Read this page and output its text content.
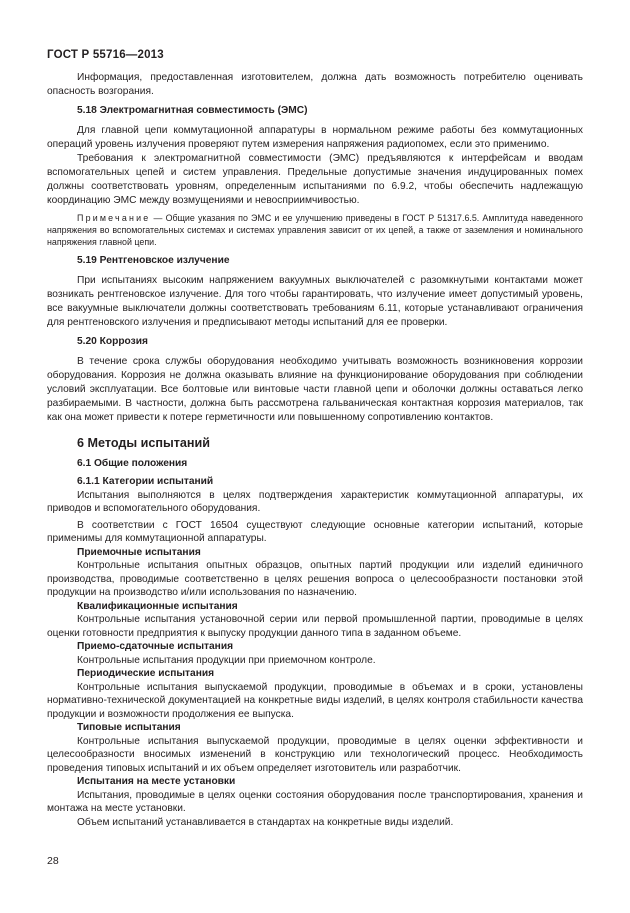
ГОСТ Р 55716—2013

Информация, предоставленная изготовителем, должна дать возможность потребителю оценивать опасность возгорания.

5.18 Электромагнитная совместимость (ЭМС)

Для главной цепи коммутационной аппаратуры в нормальном режиме работы без коммутационных операций уровень излучения проверяют путем измерения напряжения радиопомех, если это применимо.

Требования к электромагнитной совместимости (ЭМС) предъявляются к интерфейсам и вводам вспомогательных цепей и систем управления. Предельные допустимые значения индуцированных помех должны соответствовать уровням, определенным испытаниями по 6.9.2, чтобы обеспечить надлежащую координацию ЭМС между возмущениями и невосприимчивостью.

Примечание — Общие указания по ЭМС и ее улучшению приведены в ГОСТ Р 51317.6.5. Амплитуда наведенного напряжения во вспомогательных системах и системах управления зависит от их цепей, а также от заземления и номинального напряжения главной цепи.

5.19 Рентгеновское излучение

При испытаниях высоким напряжением вакуумных выключателей с разомкнутыми контактами может возникать рентгеновское излучение. Для того чтобы гарантировать, что излучение имеет допустимый уровень, все вакуумные выключатели должны соответствовать требованиям 6.11, которые устанавливают ограничения для рентгеновского излучения и предписывают методы испытаний для ее проверки.

5.20 Коррозия

В течение срока службы оборудования необходимо учитывать возможность возникновения коррозии оборудования. Коррозия не должна оказывать влияние на функционирование оборудования при соблюдении условий эксплуатации. Все болтовые или винтовые части главной цепи и оболочки должны оставаться легко разбираемыми. В частности, должна быть рассмотрена гальваническая контактная коррозия материалов, так как она может привести к потере герметичности или повышенному сопротивлению контактов.

6 Методы испытаний
6.1 Общие положения
6.1.1 Категории испытаний

Испытания выполняются в целях подтверждения характеристик коммутационной аппаратуры, их приводов и вспомогательного оборудования.

В соответствии с ГОСТ 16504 существуют следующие основные категории испытаний, которые применимы для коммутационной аппаратуры.

Приемочные испытания

Контрольные испытания опытных образцов, опытных партий продукции или изделий единичного производства, проводимые соответственно в целях решения вопроса о целесообразности постановки этой продукции на производство и/или использования по назначению.

Квалификационные испытания

Контрольные испытания установочной серии или первой промышленной партии, проводимые в целях оценки готовности предприятия к выпуску продукции данного типа в заданном объеме.

Приемо-сдаточные испытания

Контрольные испытания продукции при приемочном контроле.

Периодические испытания

Контрольные испытания выпускаемой продукции, проводимые в объемах и в сроки, установлены нормативно-технической документацией на конкретные виды изделий, в целях контроля стабильности качества продукции и возможности продолжения ее выпуска.

Типовые испытания

Контрольные испытания выпускаемой продукции, проводимые в целях оценки эффективности и целесообразности вносимых изменений в конструкцию или технологический процесс. Необходимость проведения типовых испытаний и их объем определяет изготовитель или разработчик.

Испытания на месте установки

Испытания, проводимые в целях оценки состояния оборудования после транспортирования, хранения и монтажа на месте установки.

Объем испытаний устанавливается в стандартах на конкретные виды изделий.

28
